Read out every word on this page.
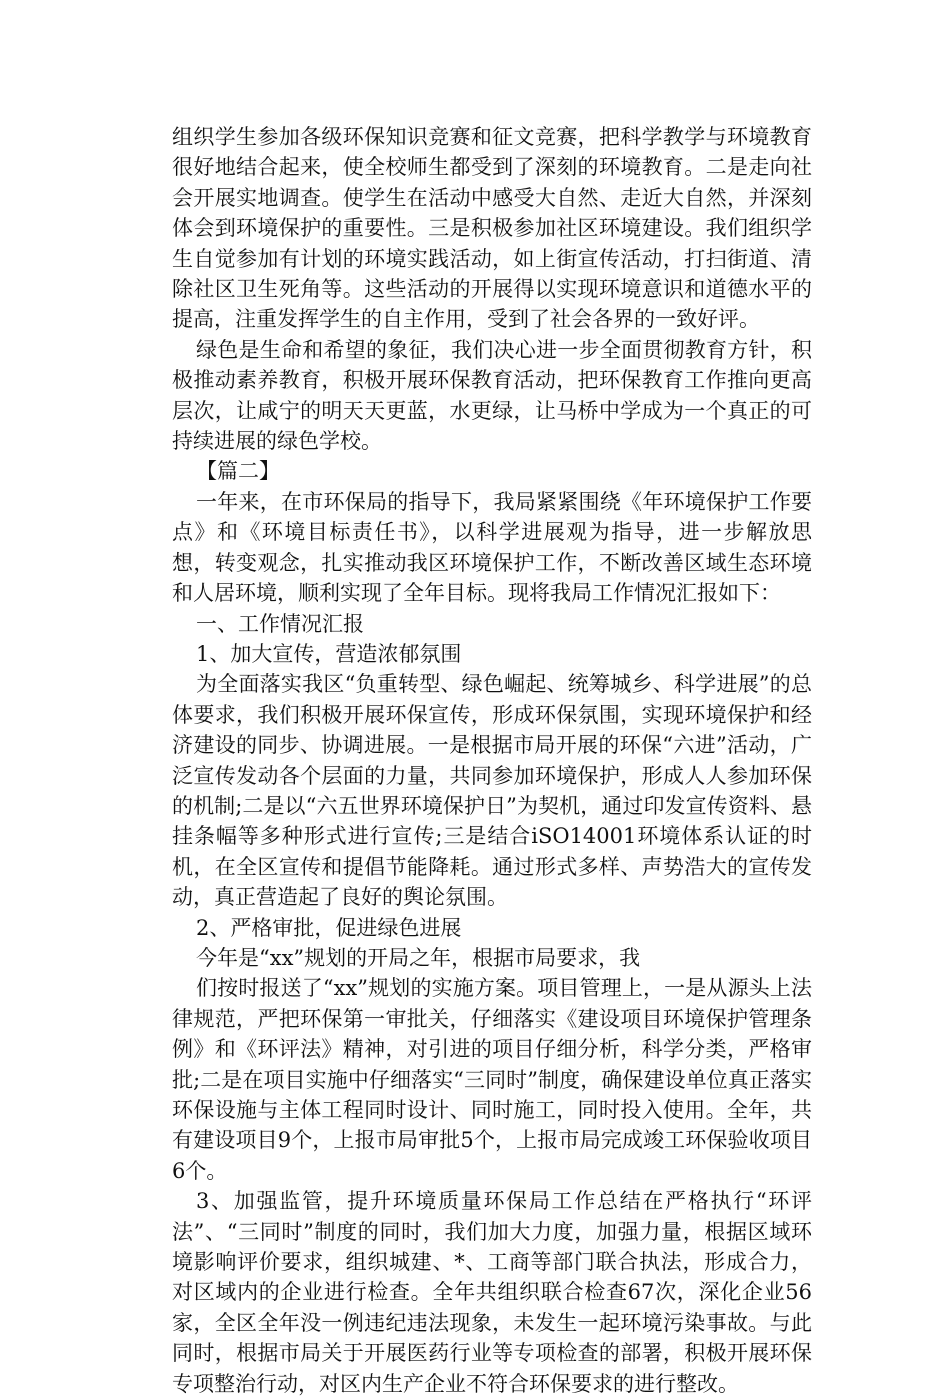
组织学生参加各级环保知识竞赛和征文竞赛，把科学教学与环境教育很好地结合起来，使全校师生都受到了深刻的环境教育。二是走向社会开展实地调查。使学生在活动中感受大自然、走近大自然，并深刻体会到环境保护的重要性。三是积极参加社区环境建设。我们组织学生自觉参加有计划的环境实践活动，如上街宣传活动，打扫街道、清除社区卫生死角等。这些活动的开展得以实现环境意识和道德水平的提高，注重发挥学生的自主作用，受到了社会各界的一致好评。

绿色是生命和希望的象征，我们决心进一步全面贯彻教育方针，积极推动素养教育，积极开展环保教育活动，把环保教育工作推向更高层次，让咸宁的明天天更蓝，水更绿，让马桥中学成为一个真正的可持续进展的绿色学校。

【篇二】

一年来，在市环保局的指导下，我局紧紧围绕《年环境保护工作要点》和《环境目标责任书》，以科学进展观为指导，进一步解放思想，转变观念，扎实推动我区环境保护工作，不断改善区域生态环境和人居环境，顺利实现了全年目标。现将我局工作情况汇报如下：

一、工作情况汇报

1、加大宣传，营造浓郁氛围

为全面落实我区“负重转型、绿色崛起、统筹城乡、科学进展”的总体要求，我们积极开展环保宣传，形成环保氛围，实现环境保护和经济建设的同步、协调进展。一是根据市局开展的环保“六进”活动，广泛宣传发动各个层面的力量，共同参加环境保护，形成人人参加环保的机制;二是以“六五世界环境保护日”为契机，通过印发宣传资料、悬挂条幅等多种形式进行宣传;三是结合iSO14001环境体系认证的时机，在全区宣传和提倡节能降耗。通过形式多样、声势浩大的宣传发动，真正营造起了良好的舆论氛围。

2、严格审批，促进绿色进展

今年是“xx”规划的开局之年，根据市局要求，我

们按时报送了“xx”规划的实施方案。项目管理上，一是从源头上法律规范，严把环保第一审批关，仔细落实《建设项目环境保护管理条例》和《环评法》精神，对引进的项目仔细分析，科学分类，严格审批;二是在项目实施中仔细落实“三同时”制度，确保建设单位真正落实环保设施与主体工程同时设计、同时施工，同时投入使用。全年，共有建设项目9个，上报市局审批5个，上报市局完成竣工环保验收项目6个。

3、加强监管，提升环境质量环保局工作总结在严格执行“环评法”、“三同时”制度的同时，我们加大力度，加强力量，根据区域环境影响评价要求，组织城建、*、工商等部门联合执法，形成合力，对区域内的企业进行检查。全年共组织联合检查67次，深化企业56家，全区全年没一例违纪违法现象，未发生一起环境污染事故。与此同时，根据市局关于开展医药行业等专项检查的部署，积极开展环保专项整治行动，对区内生产企业不符合环保要求的进行整改。
